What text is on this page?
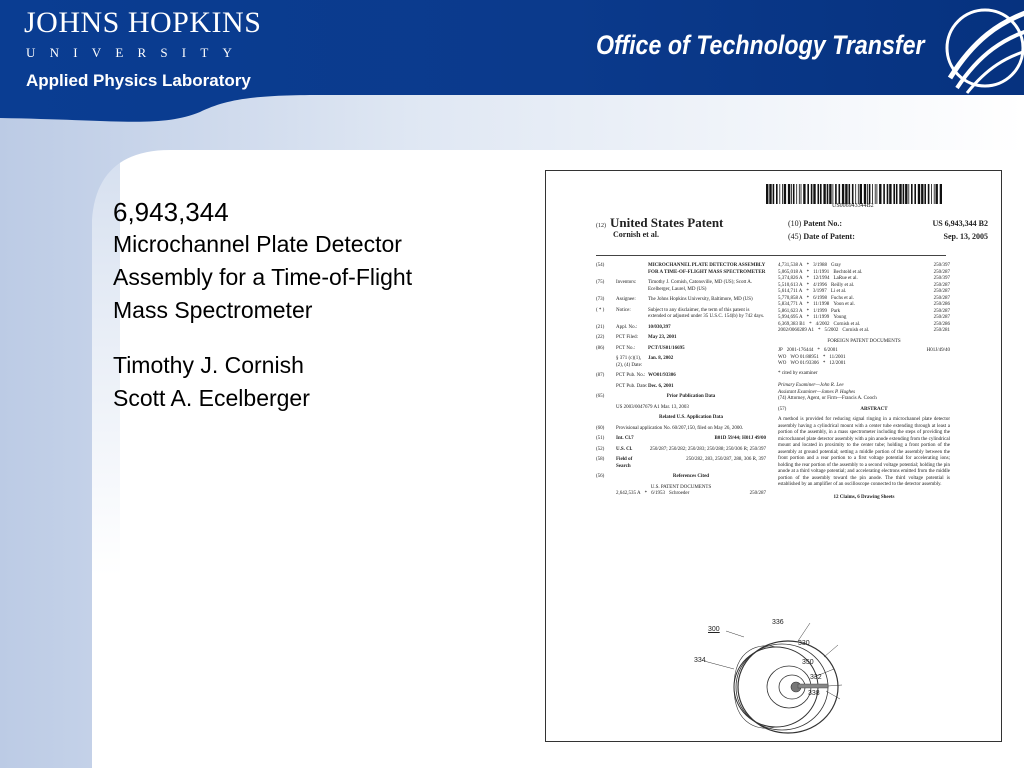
JOHNS HOPKINS
U N I V E R S I T Y
Applied Physics Laboratory
Office of Technology Transfer
6,943,344
Microchannel Plate Detector
Assembly for a Time-of-Flight
Mass Spectrometer
Timothy J. Cornish
Scott A. Ecelberger
US006943344B2
(12) United States Patent
Cornish et al.
(10) Patent No.:	US 6,943,344 B2
(45) Date of Patent:	Sep. 13, 2005
(54)	MICROCHANNEL PLATE DETECTOR ASSEMBLY FOR A TIME-OF-FLIGHT MASS SPECTROMETER
(75)	Inventors:	Timothy J. Cornish, Catonsville, MD (US); Scott A. Ecelberger, Laurel, MD (US)
(73)	Assignee:	The Johns Hopkins University, Baltimore, MD (US)
( * )	Notice:	Subject to any disclaimer, the term of this patent is extended or adjusted under 35 U.S.C. 154(b) by 742 days.
(21)	Appl. No.:	10/030,397
(22)	PCT Filed:	May 23, 2001
(86)	PCT No.:	PCT/US01/16695
§ 371 (c)(1), (2), (4) Date:
Jan. 8, 2002
(87)	PCT Pub. No.: WO01/93306
PCT Pub. Date: Dec. 6, 2001
(65)	Prior Publication Data
US 2003/0047679 A1 Mar. 13, 2003
Related U.S. Application Data
(60)	Provisional application No. 60/207,150, filed on May 26, 2000.
(51)	Int. Cl.7	B01D 59/44; H01J 49/00
(52)	U.S. Cl.	250/287; 250/282; 250/283; 250/288; 250/306 R; 250/397
(58)	Field of Search
250/282, 283, 250/287, 288, 306 R, 397
(56)	References Cited
U.S. PATENT DOCUMENTS
2,642,535 A * 6/1953 Schroeder	250/287
4,731,538 A * 3/1988 Gray	250/397
5,065,018 A * 11/1991 Bechtold et al.	250/287
5,374,826 A * 12/1994 LaRue et al.	250/397
5,510,613 A * 4/1996 Reilly et al.	250/287
5,614,711 A * 3/1997 Li et al.	250/287
5,770,858 A * 6/1998 Fuchs et al.	250/287
5,834,771 A * 11/1998 Yoon et al.	250/286
5,861,623 A * 1/1999 Park	250/287
5,994,695 A * 11/1999 Young	250/287
6,369,383 B1 * 4/2002 Cornish et al.	250/286
2002/0060289 A1 * 5/2002 Cornish et al.	250/281
FOREIGN PATENT DOCUMENTS
JP 2001-176444 * 6/2001	H01J/49/40
WO WO 01/88951 * 11/2001
WO WO 01/93306 * 12/2001
* cited by examiner
Primary Examiner—John R. Lee
Assistant Examiner—James P. Hughes
(74) Attorney, Agent, or Firm—Francis A. Cooch
(57)	ABSTRACT
A method is provided for reducing signal ringing in a microchannel plate detector assembly having a cylindrical mount with a center tube extending through at least a portion of the assembly, in a mass spectrometer including the steps of providing the microchannel plate detector assembly with a pin anode extending from the cylindrical mount and located in proximity to the center tube; holding a front portion of the assembly at ground potential; setting a middle portion of the assembly between the front portion and a rear portion to a first voltage potential for accelerating ions; holding the rear portion of the assembly to a second voltage potential; holding the pin anode at a third voltage potential; and accelerating electrons emitted from the middle portion of the assembly toward the pin anode. The third voltage potential is established by an amplifier of an oscilloscope connected to the detector assembly.
12 Claims, 6 Drawing Sheets
300
336
330
334	350
332
338
